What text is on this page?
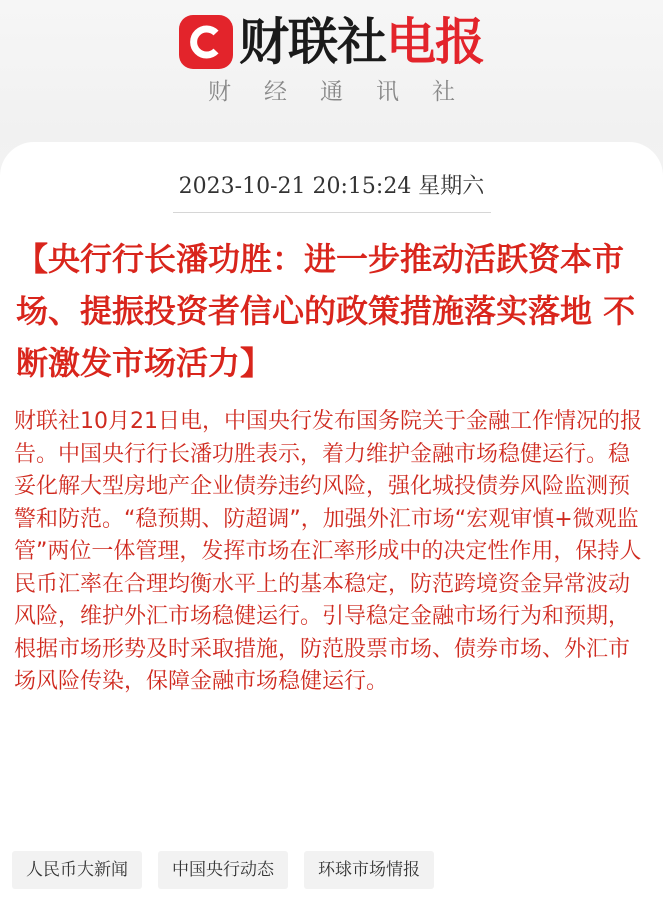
财联社电报
财经通讯社
2023-10-21 20:15:24 星期六
【央行行长潘功胜：进一步推动活跃资本市场、提振投资者信心的政策措施落实落地 不断激发市场活力】

财联社10月21日电，中国央行发布国务院关于金融工作情况的报告。中国央行行长潘功胜表示，着力维护金融市场稳健运行。稳妥化解大型房地产企业债券违约风险，强化城投债券风险监测预警和防范。“稳预期、防超调”，加强外汇市场“宏观审慎+微观监管”两位一体管理，发挥市场在汇率形成中的决定性作用，保持人民币汇率在合理均衡水平上的基本稳定，防范跨境资金异常波动风险，维护外汇市场稳健运行。引导稳定金融市场行为和预期，根据市场形势及时采取措施，防范股票市场、债券市场、外汇市场风险传染，保障金融市场稳健运行。

人民币大新闻	中国央行动态	环球市场情报
